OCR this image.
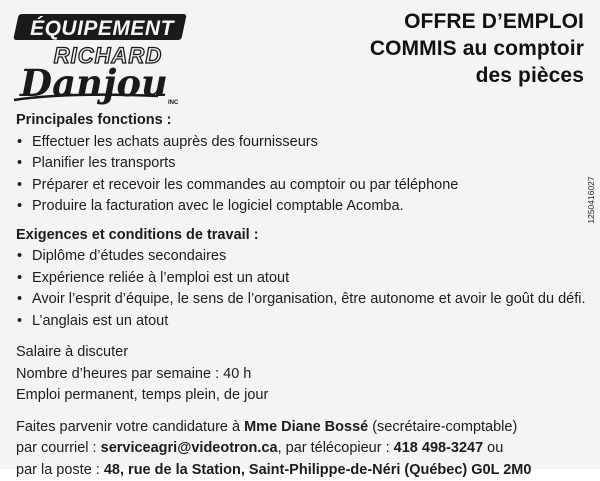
ÉQUIPEMENT
RICHARD
Danjou INC
OFFRE D’EMPLOI
COMMIS au comptoir
des pièces
1250416027
Principales fonctions :
• Effectuer les achats auprès des fournisseurs
• Planifier les transports
• Préparer et recevoir les commandes au comptoir ou par téléphone
• Produire la facturation avec le logiciel comptable Acomba.
Exigences et conditions de travail :
• Diplôme d’études secondaires
• Expérience reliée à l’emploi est un atout
• Avoir l’esprit d’équipe, le sens de l’organisation, être autonome et avoir le goût du défi.
• L’anglais est un atout
Salaire à discuter
Nombre d’heures par semaine : 40 h
Emploi permanent, temps plein, de jour
Faites parvenir votre candidature à Mme Diane Bossé (secrétaire-comptable)
par courriel : serviceagri@videotron.ca, par télécopieur : 418 498-3247 ou
par la poste : 48, rue de la Station, Saint-Philippe-de-Néri (Québec) G0L 2M0
